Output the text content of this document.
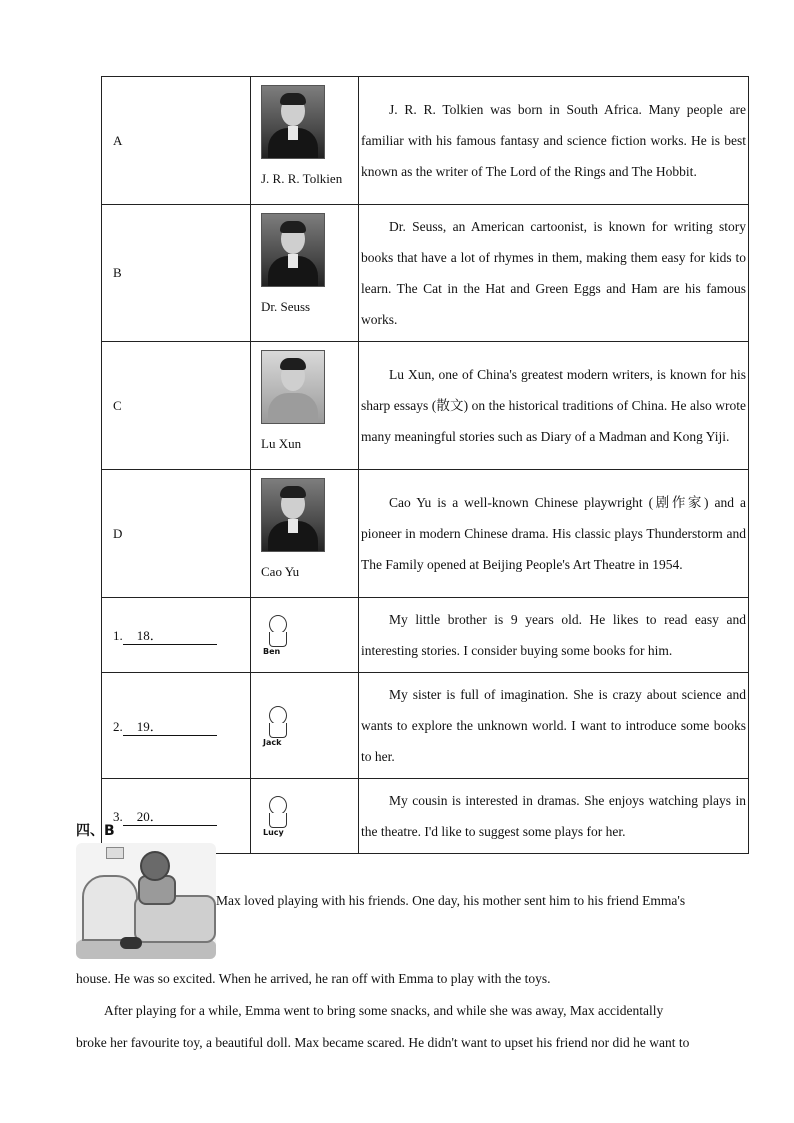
A	J. R. R. Tolkien	J. R. R. Tolkien was born in South Africa. Many people are familiar with his famous fantasy and science fiction works. He is best known as the writer of The Lord of the Rings and The Hobbit.
B	Dr. Seuss	Dr. Seuss, an American cartoonist, is known for writing story books that have a lot of rhymes in them, making them easy for kids to learn. The Cat in the Hat and Green Eggs and Ham are his famous works.
C	Lu Xun	Lu Xun, one of China's greatest modern writers, is known for his sharp essays (散文) on the historical traditions of China. He also wrote many meaningful stories such as Diary of a Madman and Kong Yiji.
D	Cao Yu	Cao Yu is a well-known Chinese playwright (剧作家) and a pioneer in modern Chinese drama. His classic plays Thunderstorm and The Family opened at Beijing People's Art Theatre in 1954.
1. 18．	Ben	My little brother is 9 years old. He likes to read easy and interesting stories. I consider buying some books for him.
2. 19．	Jack	My sister is full of imagination. She is crazy about science and wants to explore the unknown world. I want to introduce some books to her.
3. 20．	Lucy	My cousin is interested in dramas. She enjoys watching plays in the theatre. I'd like to suggest some plays for her.
四、B
Max loved playing with his friends. One day, his mother sent him to his friend Emma's
house. He was so excited. When he arrived, he ran off with Emma to play with the toys.
After playing for a while, Emma went to bring some snacks, and while she was away, Max accidentally
broke her favourite toy, a beautiful doll. Max became scared. He didn't want to upset his friend nor did he want to
